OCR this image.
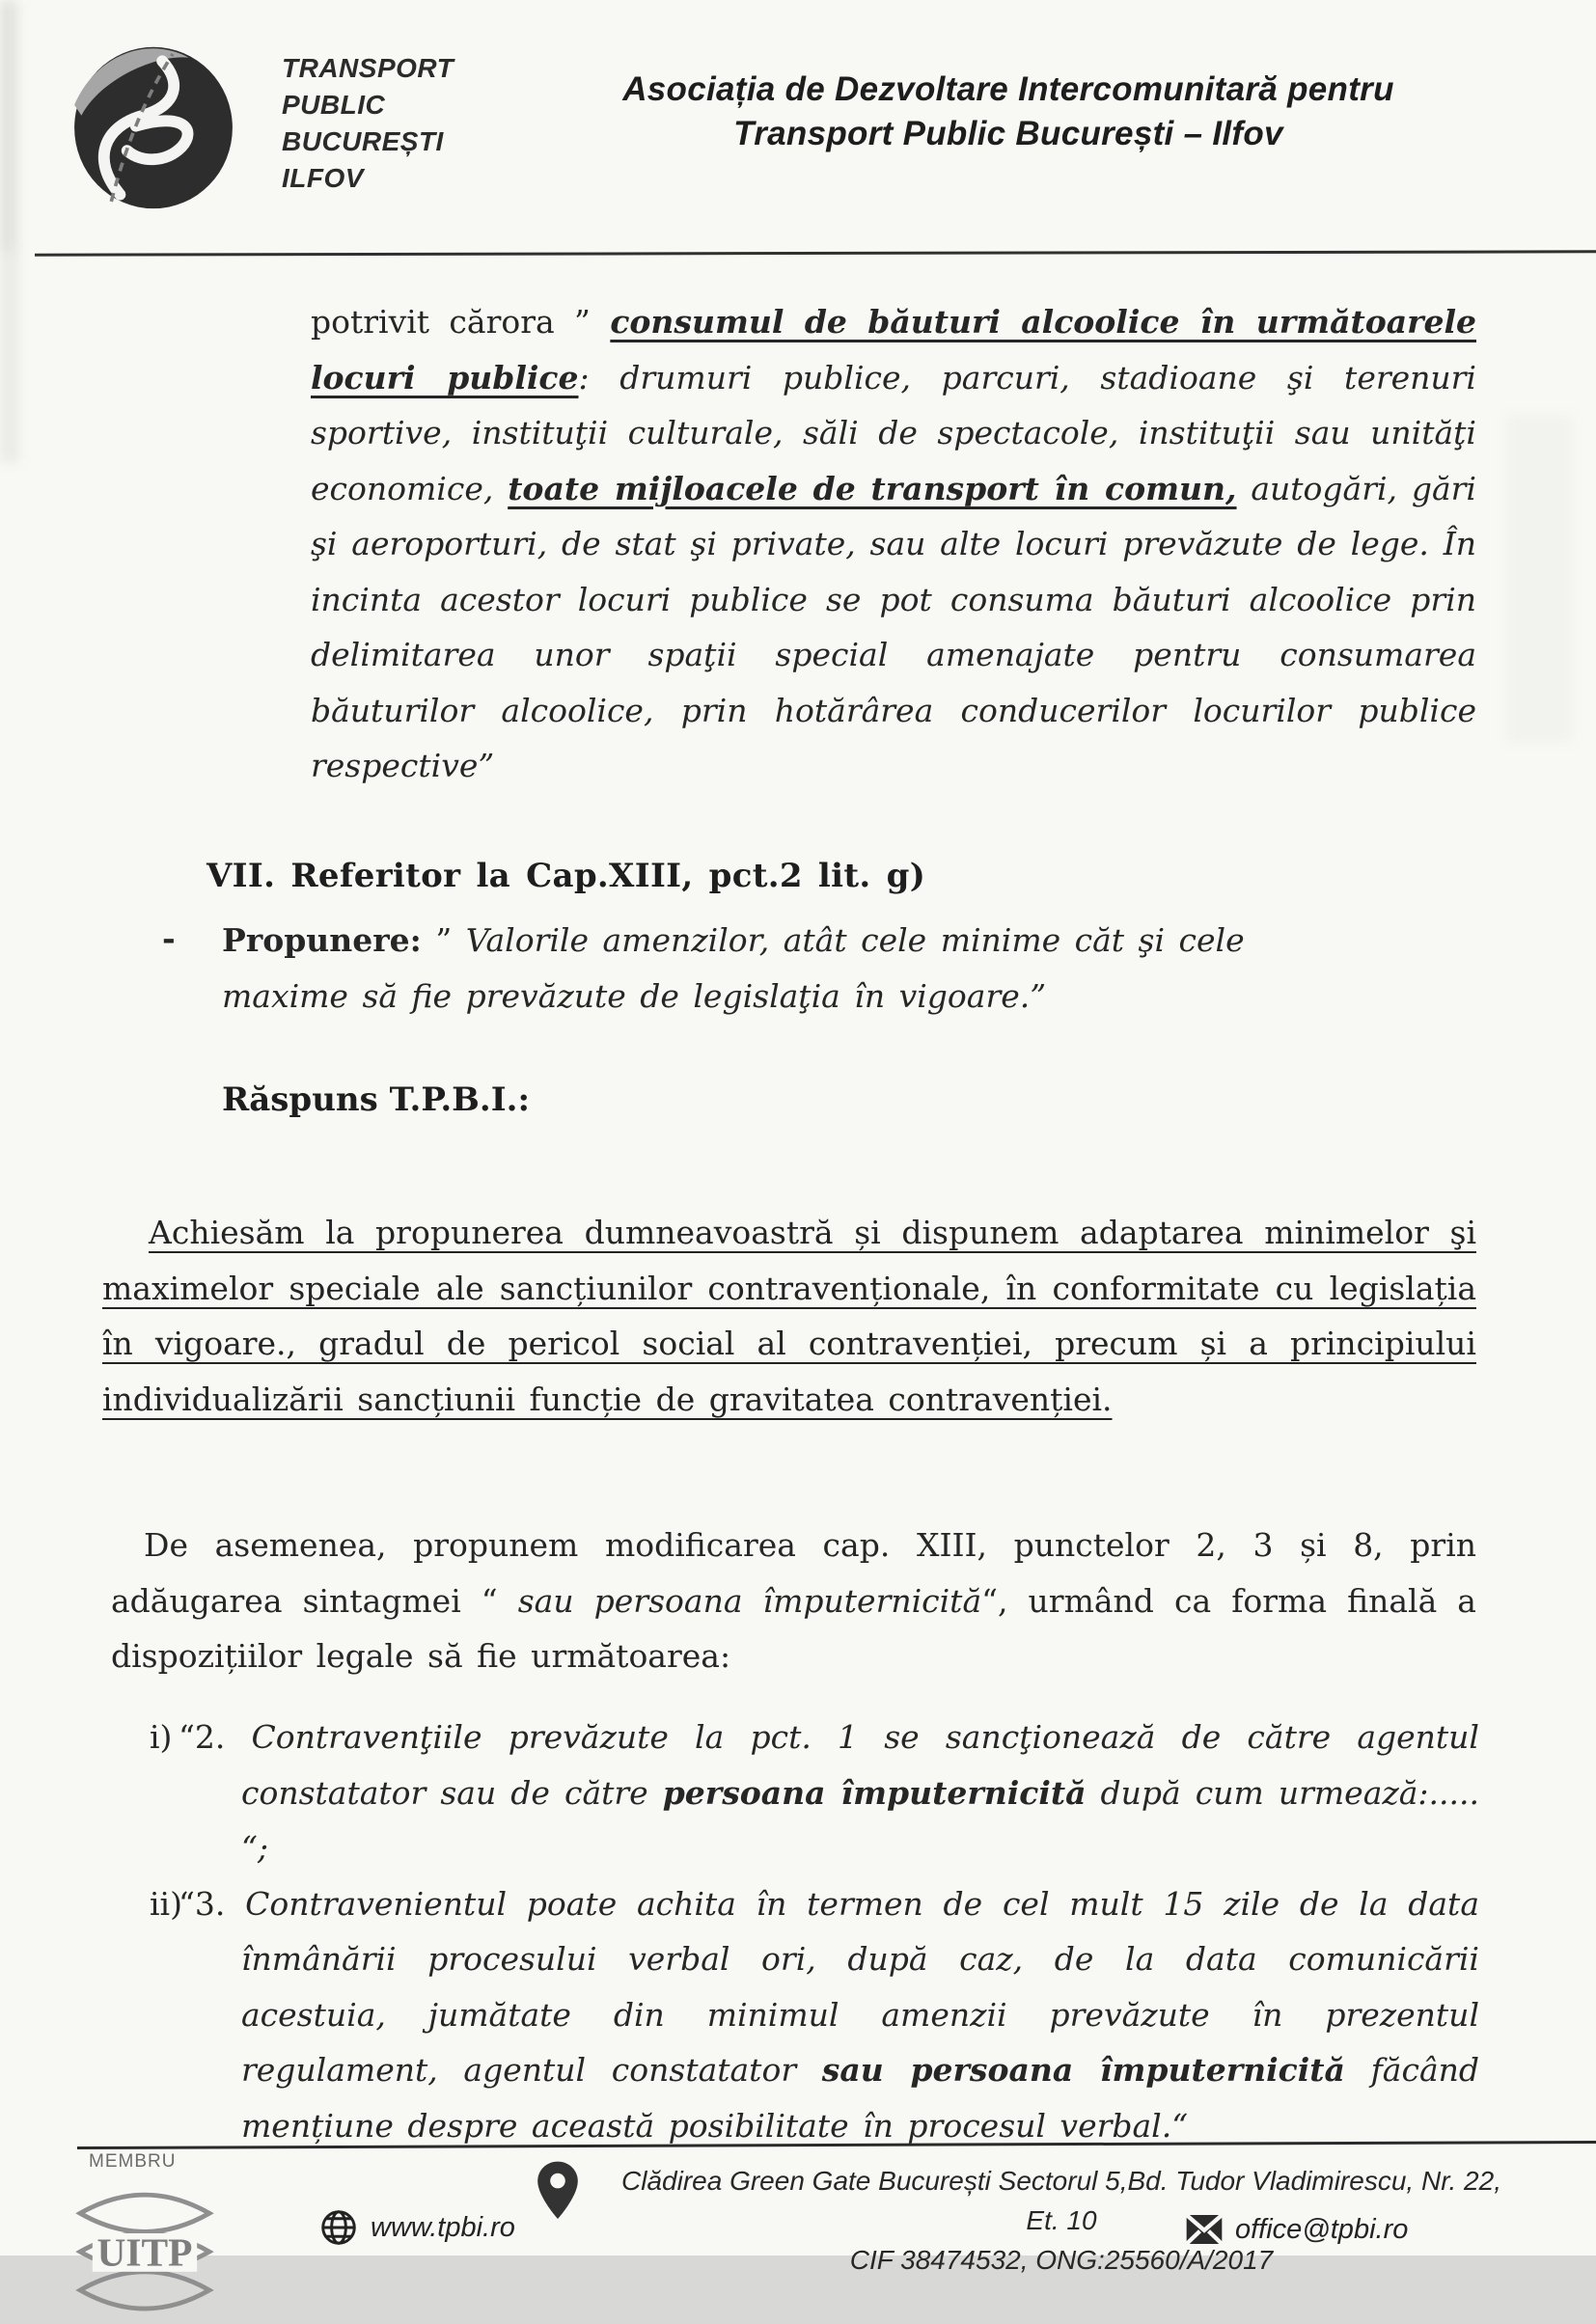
TRANSPORT
PUBLIC
BUCUREȘTI
ILFOV
Asociația de Dezvoltare Intercomunitară pentru
Transport Public București – Ilfov

potrivit cărora ” consumul de băuturi alcoolice în următoarele locuri publice: drumuri publice, parcuri, stadioane şi terenuri sportive, instituţii culturale, săli de spectacole, instituţii sau unităţi economice, toate mijloacele de transport în comun, autogări, gări şi aeroporturi, de stat şi private, sau alte locuri prevăzute de lege. În incinta acestor locuri publice se pot consuma băuturi alcoolice prin delimitarea unor spaţii special amenajate pentru consumarea băuturilor alcoolice, prin hotărârea conducerilor locurilor publice respective”

VII. Referitor la Cap.XIII, pct.2 lit. g)
- Propunere: ” Valorile amenzilor, atât cele minime căt şi cele maxime să fie prevăzute de legislaţia în vigoare.”
Răspuns T.P.B.I.:

Achiesăm la propunerea dumneavoastră și dispunem adaptarea minimelor şi maximelor speciale ale sancțiunilor contravenționale, în conformitate cu legislația în vigoare., gradul de pericol social al contravenției, precum și a principiului individualizării sancțiunii funcție de gravitatea contravenției.

De asemenea, propunem modificarea cap. XIII, punctelor 2, 3 și 8, prin adăugarea sintagmei “ sau persoana împuternicită“, urmând ca forma finală a dispozițiilor legale să fie următoarea:

i) “2. Contravenţiile prevăzute la pct. 1 se sancţionează de către agentul constatator sau de către persoana împuternicită după cum urmează:..... “;
ii)
“3. Contravenientul poate achita în termen de cel mult 15 zile de la data înmânării procesului verbal ori, după caz, de la data comunicării acestuia, jumătate din minimul amenzii prevăzute în prezentul regulament, agentul constatator sau persoana împuternicită făcând mențiune despre această posibilitate în procesul verbal.“
MEMBRU
UITP
Clădirea Green Gate București Sectorul 5,Bd. Tudor Vladimirescu, Nr. 22, Et. 10
CIF 38474532, ONG:25560/A/2017
www.tpbi.ro	office@tpbi.ro
